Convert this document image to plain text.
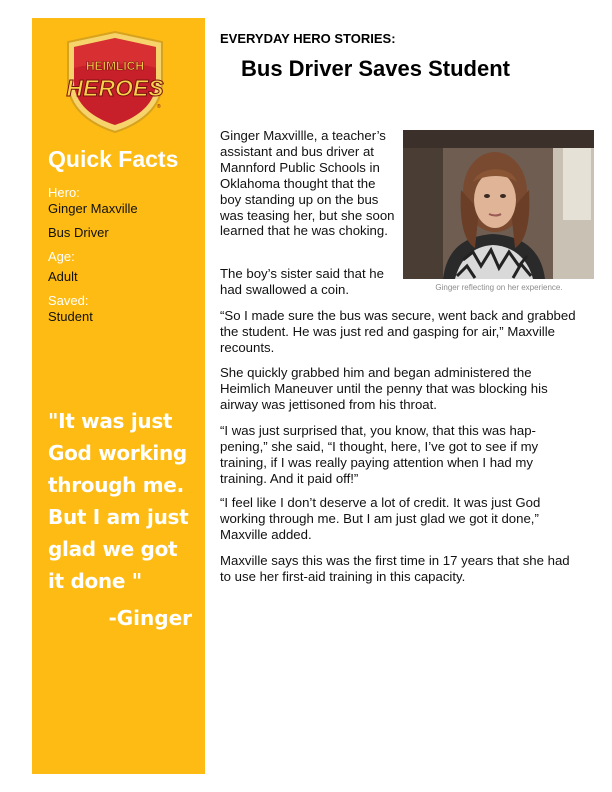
HEIMLICH
HEROES
®
Quick Facts
Hero:
Ginger Maxville
Bus Driver
Age:
Adult
Saved:
Student
"It was just God working through me. But I am just glad we got it done "
-Ginger
EVERYDAY HERO STORIES:
Bus Driver Saves Student
Ginger reflecting on her experience.

Ginger Maxvillle, a teacher’s assistant and bus driver at Mannford Public Schools in Oklahoma thought that the boy standing up on the bus was teasing her, but she soon learned that he was choking.

The boy’s sister said that he had swallowed a coin.

“So I made sure the bus was secure, went back and grabbed the student. He was just red and gasping for air,” Maxville recounts.

She quickly grabbed him and began administered the Heimlich Maneuver until the penny that was blocking his airway was jettisoned from his throat.

“I was just surprised that, you know, that this was hap-pening,” she said, “I thought, here, I’ve got to see if my training, if I was really paying attention when I had my training. And it paid off!”

“I feel like I don’t deserve a lot of credit. It was just God working through me. But I am just glad we got it done,” Maxville added.

Maxville says this was the first time in 17 years that she had to use her first-aid training in this capacity.
